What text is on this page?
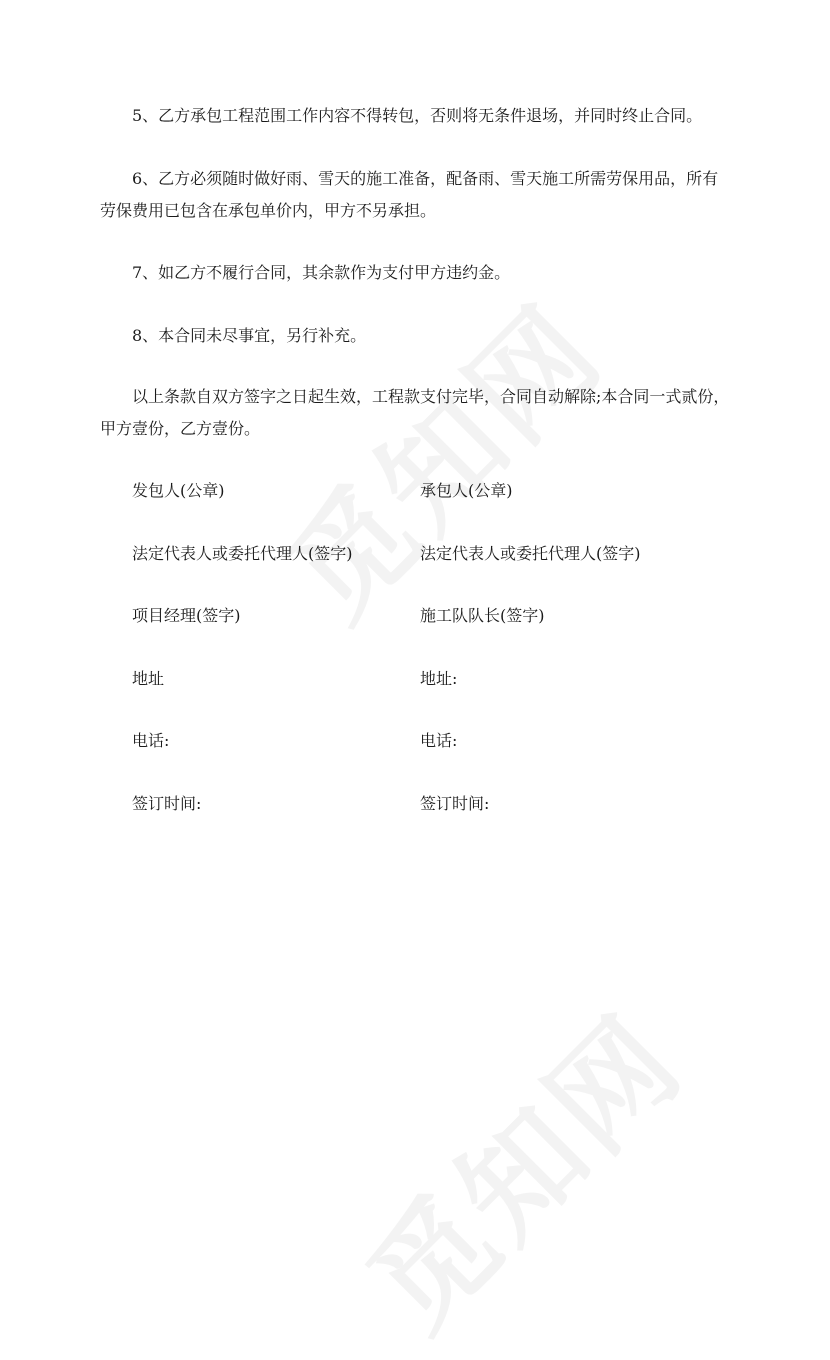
5、乙方承包工程范围工作内容不得转包，否则将无条件退场，并同时终止合同。

6、乙方必须随时做好雨、雪天的施工准备，配备雨、雪天施工所需劳保用品，所有劳保费用已包含在承包单价内，甲方不另承担。

7、如乙方不履行合同，其余款作为支付甲方违约金。

8、本合同未尽事宜，另行补充。

以上条款自双方签字之日起生效，工程款支付完毕，合同自动解除;本合同一式贰份，甲方壹份，乙方壹份。

发包人(公章)	承包人(公章)
法定代表人或委托代理人(签字)	法定代表人或委托代理人(签字)
项目经理(签字)	施工队队长(签字)
地址	地址:
电话:	电话:
签订时间:	签订时间:
